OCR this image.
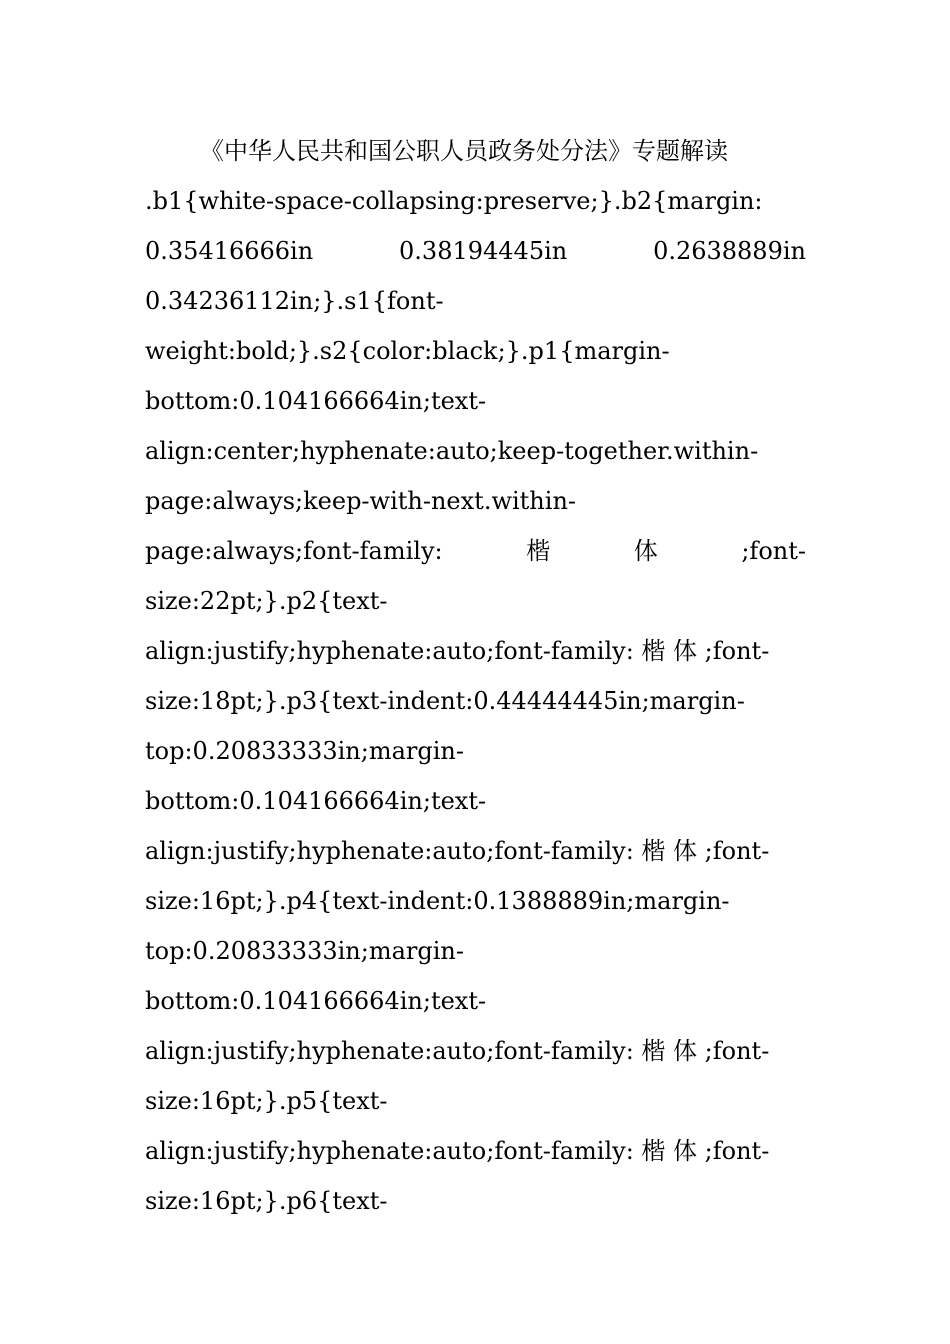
《中华人民共和国公职人员政务处分法》专题解读
.b1{white-space-collapsing:preserve;}.b2{margin:
0.35416666in	0.38194445in	0.2638889in
0.34236112in;}.s1{font-
weight:bold;}.s2{color:black;}.p1{margin-
bottom:0.104166664in;text-
align:center;hyphenate:auto;keep-together.within-
page:always;keep-with-next.within-
page:always;font-family:	楷	体	;font-
size:22pt;}.p2{text-
align:justify;hyphenate:auto;font-family: 楷 体 ;font-
size:18pt;}.p3{text-indent:0.44444445in;margin-
top:0.20833333in;margin-
bottom:0.104166664in;text-
align:justify;hyphenate:auto;font-family: 楷 体 ;font-
size:16pt;}.p4{text-indent:0.1388889in;margin-
top:0.20833333in;margin-
bottom:0.104166664in;text-
align:justify;hyphenate:auto;font-family: 楷 体 ;font-
size:16pt;}.p5{text-
align:justify;hyphenate:auto;font-family: 楷 体 ;font-
size:16pt;}.p6{text-
